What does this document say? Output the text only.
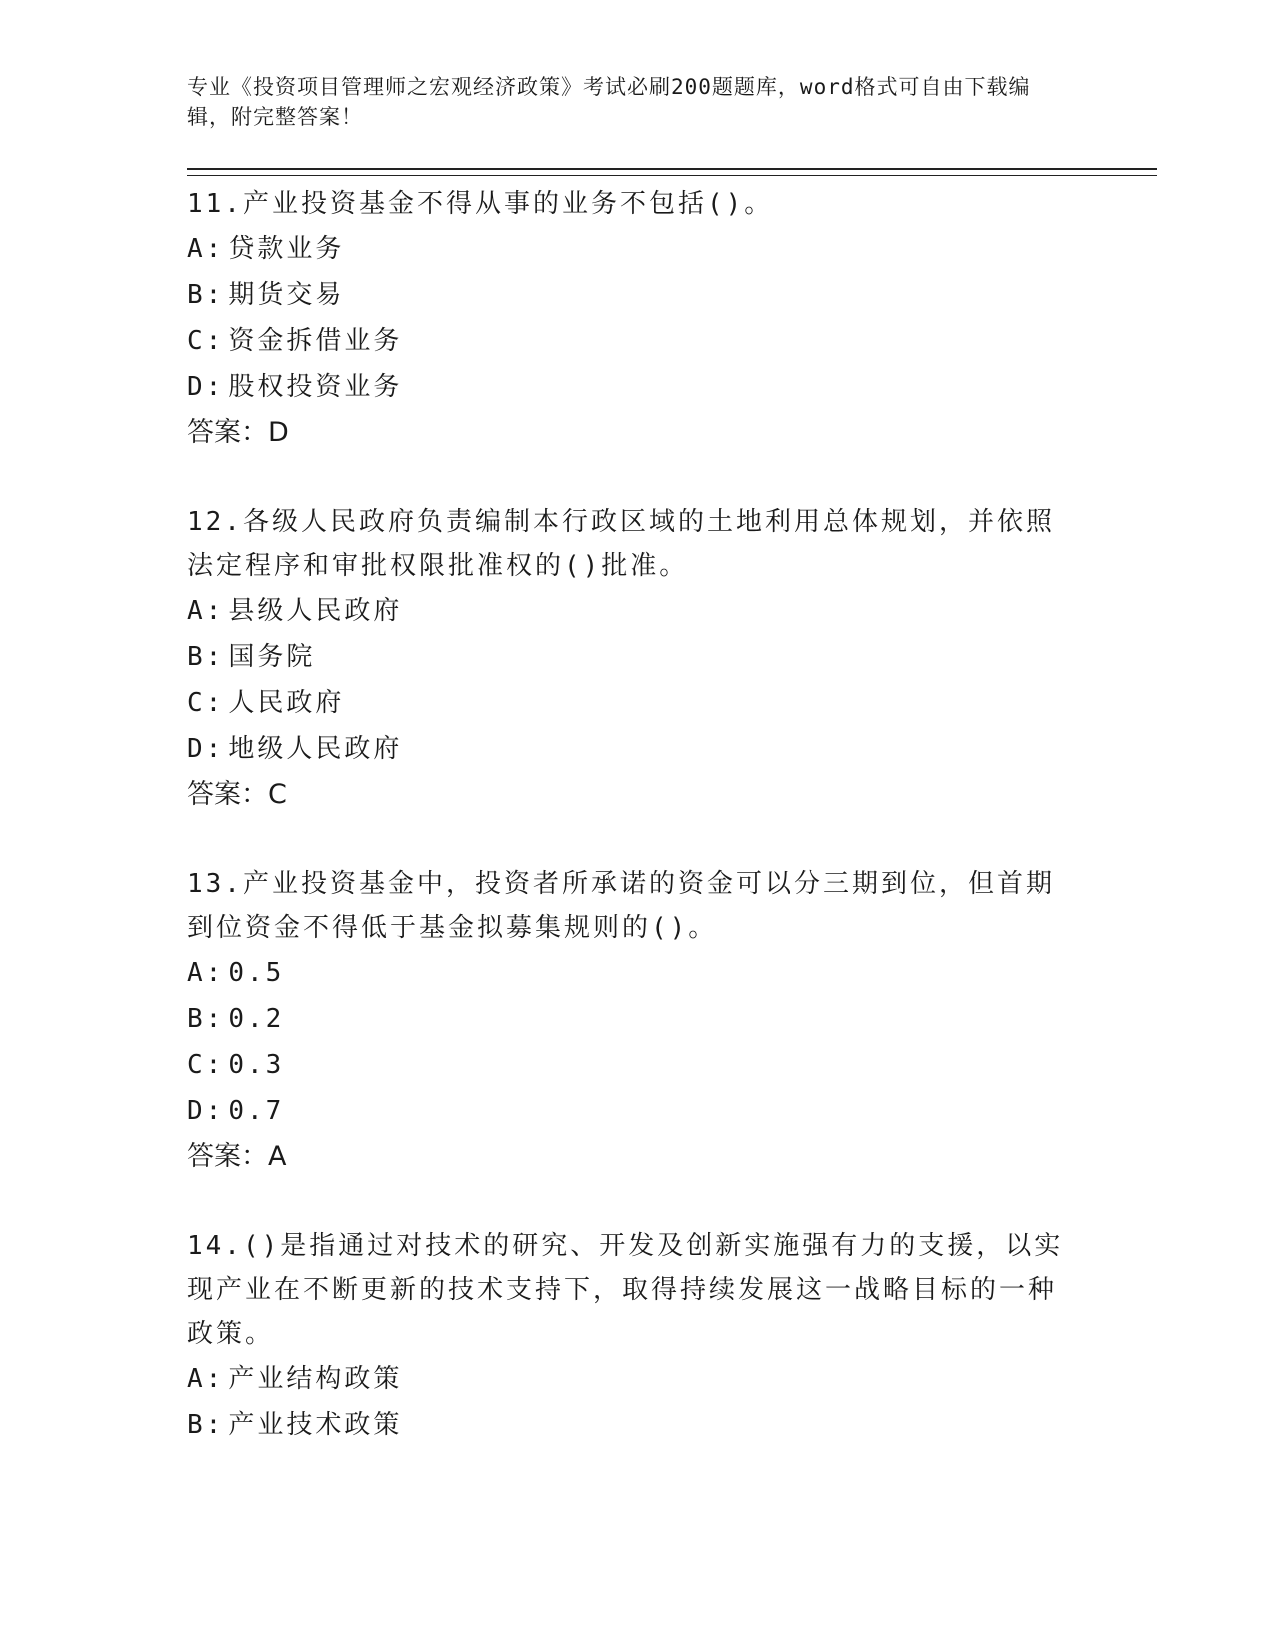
专业《投资项目管理师之宏观经济政策》考试必刷200题题库，word格式可自由下载编辑，附完整答案！

11.产业投资基金不得从事的业务不包括()。

A: 贷款业务

B: 期货交易

C: 资金拆借业务

D: 股权投资业务

答案：D

12.各级人民政府负责编制本行政区域的土地利用总体规划，并依照法定程序和审批权限批准权的()批准。

A: 县级人民政府

B: 国务院

C: 人民政府

D: 地级人民政府

答案：C

13.产业投资基金中，投资者所承诺的资金可以分三期到位，但首期到位资金不得低于基金拟募集规则的()。

A: 0.5

B: 0.2

C: 0.3

D: 0.7

答案：A

14.()是指通过对技术的研究、开发及创新实施强有力的支援，以实现产业在不断更新的技术支持下，取得持续发展这一战略目标的一种政策。

A: 产业结构政策

B: 产业技术政策
